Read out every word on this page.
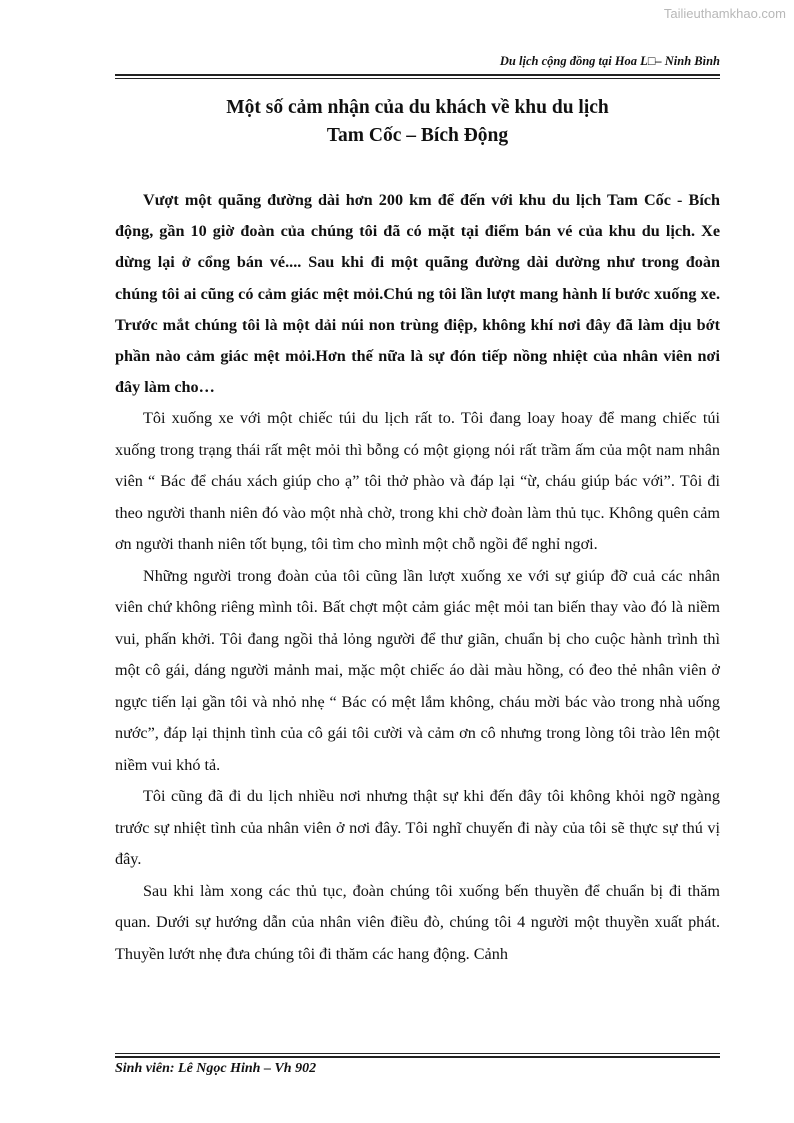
Tailieuthamkhao.com
Du lịch cộng đồng tại Hoa L□– Ninh Bình
Một số cảm nhận của du khách về khu du lịch
Tam Cốc – Bích Động

Vượt một quãng đường dài hơn 200 km để đến với khu du lịch Tam Cốc - Bích động, gần 10 giờ đoàn của chúng tôi đã có mặt tại điểm bán vé của khu du lịch. Xe dừng lại ở cổng bán vé.... Sau khi đi một quãng đường dài dường như trong đoàn chúng tôi ai cũng có cảm giác mệt mỏi.Chú ng tôi lần lượt mang hành lí bước xuống xe. Trước mắt chúng tôi là một dải núi non trùng điệp, không khí nơi đây đã làm dịu bớt phần nào cảm giác mệt mỏi.Hơn thế nữa là sự đón tiếp nồng nhiệt của nhân viên nơi đây làm cho…

Tôi xuống xe với một chiếc túi du lịch rất to. Tôi đang loay hoay để mang chiếc túi xuống trong trạng thái rất mệt mỏi thì bỗng có một giọng nói rất trầm ấm của một nam nhân viên “ Bác để cháu xách giúp cho ạ” tôi thở phào và đáp lại “ừ, cháu giúp bác với”. Tôi đi theo người thanh niên đó vào một nhà chờ, trong khi chờ đoàn làm thủ tục. Không quên cảm ơn người thanh niên tốt bụng, tôi tìm cho mình một chỗ ngồi để nghỉ ngơi.

Những người trong đoàn của tôi cũng lần lượt xuống xe với sự giúp đỡ cuả các nhân viên chứ không riêng mình tôi. Bất chợt một cảm giác mệt mỏi tan biến thay vào đó là niềm vui, phấn khởi. Tôi đang ngồi thả lỏng người để thư giãn, chuẩn bị cho cuộc hành trình thì một cô gái, dáng người mảnh mai, mặc một chiếc áo dài màu hồng, có đeo thẻ nhân viên ở ngực tiến lại gần tôi và nhỏ nhẹ “ Bác có mệt lắm không, cháu mời bác vào trong nhà uống nước”, đáp lại thịnh tình của cô gái tôi cười và cảm ơn cô nhưng trong lòng tôi trào lên một niềm vui khó tả.

Tôi cũng đã đi du lịch nhiều nơi nhưng thật sự khi đến đây tôi không khỏi ngỡ ngàng trước sự nhiệt tình của nhân viên ở nơi đây. Tôi nghĩ chuyến đi này của tôi sẽ thực sự thú vị đây.

Sau khi làm xong các thủ tục, đoàn chúng tôi xuống bến thuyền để chuẩn bị đi thăm quan. Dưới sự hướng dẫn của nhân viên điều đò, chúng tôi 4 người một thuyền xuất phát. Thuyền lướt nhẹ đưa chúng tôi đi thăm các hang động. Cảnh

Sinh viên: Lê Ngọc Hinh – Vh 902
